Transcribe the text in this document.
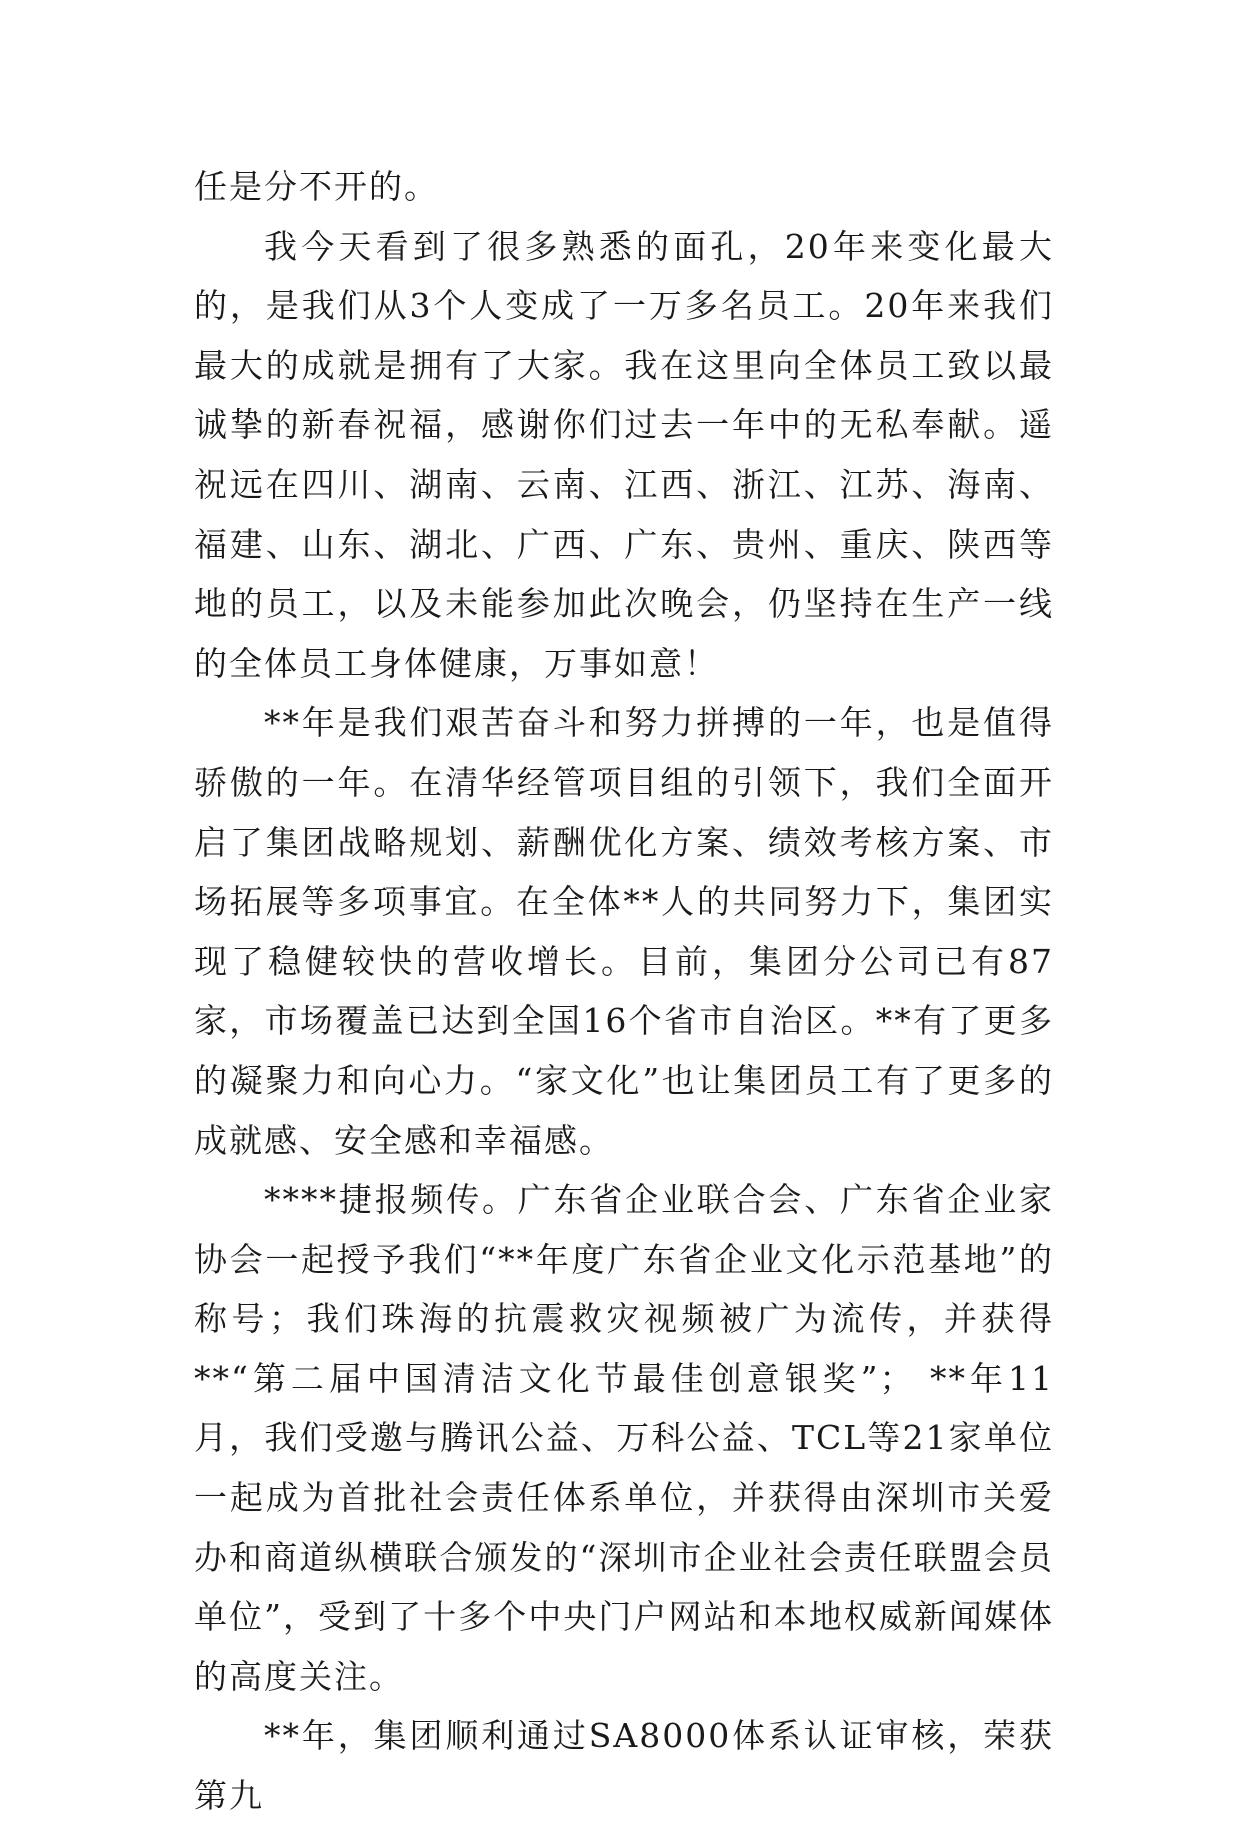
任是分不开的。

我今天看到了很多熟悉的面孔，20年来变化最大的，是我们从3个人变成了一万多名员工。20年来我们最大的成就是拥有了大家。我在这里向全体员工致以最诚挚的新春祝福，感谢你们过去一年中的无私奉献。遥祝远在四川、湖南、云南、江西、浙江、江苏、海南、福建、山东、湖北、广西、广东、贵州、重庆、陕西等地的员工，以及未能参加此次晚会，仍坚持在生产一线的全体员工身体健康，万事如意！

**年是我们艰苦奋斗和努力拼搏的一年，也是值得骄傲的一年。在清华经管项目组的引领下，我们全面开启了集团战略规划、薪酬优化方案、绩效考核方案、市场拓展等多项事宜。在全体**人的共同努力下，集团实现了稳健较快的营收增长。目前，集团分公司已有87家，市场覆盖已达到全国16个省市自治区。**有了更多的凝聚力和向心力。“家文化”也让集团员工有了更多的成就感、安全感和幸福感。

****捷报频传。广东省企业联合会、广东省企业家协会一起授予我们“**年度广东省企业文化示范基地”的称号；我们珠海的抗震救灾视频被广为流传，并获得**“第二届中国清洁文化节最佳创意银奖”； **年11月，我们受邀与腾讯公益、万科公益、TCL等21家单位一起成为首批社会责任体系单位，并获得由深圳市关爱办和商道纵横联合颁发的“深圳市企业社会责任联盟会员单位”，受到了十多个中央门户网站和本地权威新闻媒体的高度关注。

**年，集团顺利通过SA8000体系认证审核，荣获第九
